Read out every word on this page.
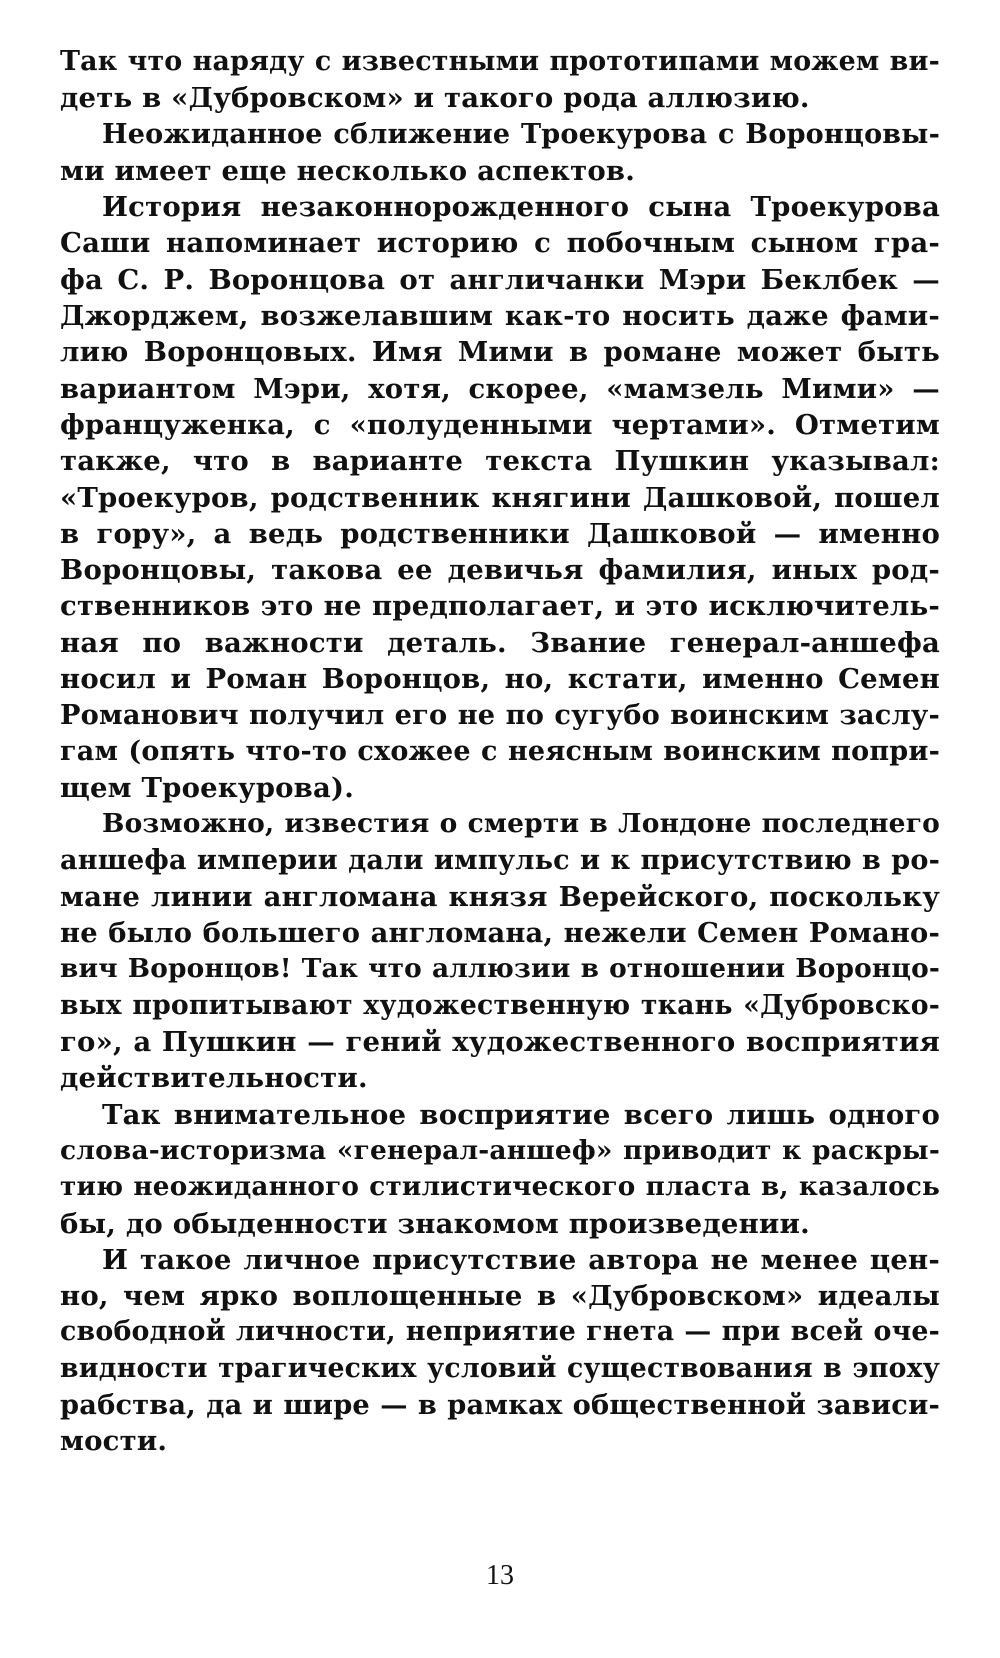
Так что наряду с известными прототипами можем ви-
деть в «Дубровском» и такого рода аллюзию.
Неожиданное сближение Троекурова с Воронцовы-
ми имеет еще несколько аспектов.
История незаконнорожденного сына Троекурова
Саши напоминает историю с побочным сыном гра-
фа С. Р. Воронцова от англичанки Мэри Беклбек —
Джорджем, возжелавшим как-то носить даже фами-
лию Воронцовых. Имя Мими в романе может быть
вариантом Мэри, хотя, скорее, «мамзель Мими» —
француженка, с «полуденными чертами». Отметим
также, что в варианте текста Пушкин указывал:
«Троекуров, родственник княгини Дашковой, пошел
в гору», а ведь родственники Дашковой — именно
Воронцовы, такова ее девичья фамилия, иных род-
ственников это не предполагает, и это исключитель-
ная по важности деталь. Звание генерал-аншефа
носил и Роман Воронцов, но, кстати, именно Семен
Романович получил его не по сугубо воинским заслу-
гам (опять что-то схожее с неясным воинским попри-
щем Троекурова).
Возможно, известия о смерти в Лондоне последнего
аншефа империи дали импульс и к присутствию в ро-
мане линии англомана князя Верейского, поскольку
не было большего англомана, нежели Семен Романо-
вич Воронцов! Так что аллюзии в отношении Воронцо-
вых пропитывают художественную ткань «Дубровско-
го», а Пушкин — гений художественного восприятия
действительности.
Так внимательное восприятие всего лишь одного
слова-историзма «генерал-аншеф» приводит к раскры-
тию неожиданного стилистического пласта в, казалось
бы, до обыденности знакомом произведении.
И такое личное присутствие автора не менее цен-
но, чем ярко воплощенные в «Дубровском» идеалы
свободной личности, неприятие гнета — при всей оче-
видности трагических условий существования в эпоху
рабства, да и шире — в рамках общественной зависи-
мости.
13
